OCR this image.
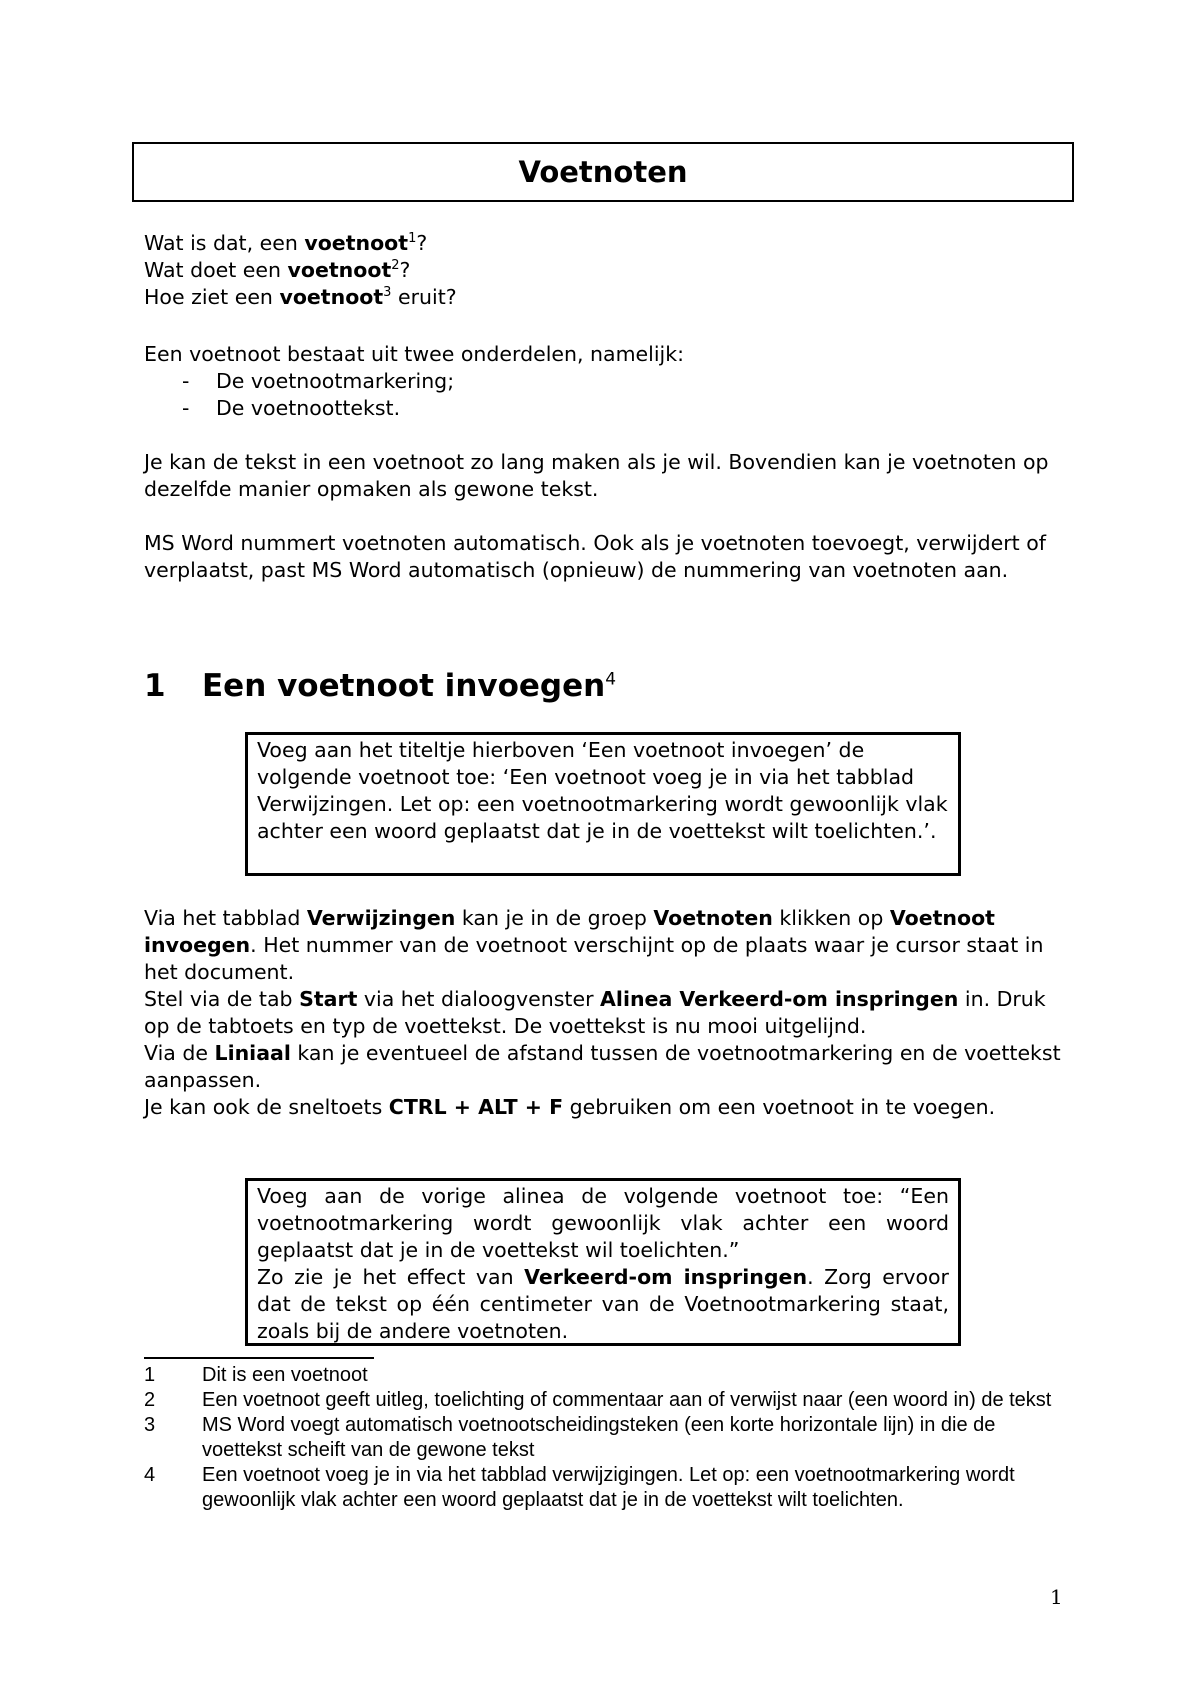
Voetnoten

Wat is dat, een voetnoot$^1$?

Wat doet een voetnoot$^2$?

Hoe ziet een voetnoot$^3$ eruit?

Een voetnoot bestaat uit twee onderdelen, namelijk:

- De voetnootmarkering;
- De voetnoottekst.

Je kan de tekst in een voetnoot zo lang maken als je wil. Bovendien kan je voetnoten op dezelfde manier opmaken als gewone tekst.

MS Word nummert voetnoten automatisch. Ook als je voetnoten toevoegt, verwijdert of verplaatst, past MS Word automatisch (opnieuw) de nummering van voetnoten aan.

1 Een voetnoot invoegen$^4$

Voeg aan het titeltje hierboven ‘Een voetnoot invoegen’ de volgende voetnoot toe: ‘Een voetnoot voeg je in via het tabblad Verwijzingen. Let op: een voetnootmarkering wordt gewoonlijk vlak achter een woord geplaatst dat je in de voettekst wilt toelichten.’.

Via het tabblad Verwijzingen kan je in de groep Voetnoten klikken op Voetnoot invoegen. Het nummer van de voetnoot verschijnt op de plaats waar je cursor staat in het document.

Stel via de tab Start via het dialoogvenster Alinea Verkeerd-om inspringen in. Druk op de tabtoets en typ de voettekst. De voettekst is nu mooi uitgelijnd.

Via de Liniaal kan je eventueel de afstand tussen de voetnootmarkering en de voettekst aanpassen.

Je kan ook de sneltoets CTRL + ALT + F gebruiken om een voetnoot in te voegen.

Voeg aan de vorige alinea de volgende voetnoot toe: “Een voetnootmarkering wordt gewoonlijk vlak achter een woord geplaatst dat je in de voettekst wil toelichten.”

Zo zie je het effect van Verkeerd-om inspringen. Zorg ervoor dat de tekst op één centimeter van de Voetnootmarkering staat, zoals bij de andere voetnoten.

1	Dit is een voetnoot
2	Een voetnoot geeft uitleg, toelichting of commentaar aan of verwijst naar (een woord in) de tekst
3	MS Word voegt automatisch voetnootscheidingsteken (een korte horizontale lijn) in die de voettekst scheift van de gewone tekst
4	Een voetnoot voeg je in via het tabblad verwijzigingen. Let op: een voetnootmarkering wordt gewoonlijk vlak achter een woord geplaatst dat je in de voettekst wilt toelichten.
1
